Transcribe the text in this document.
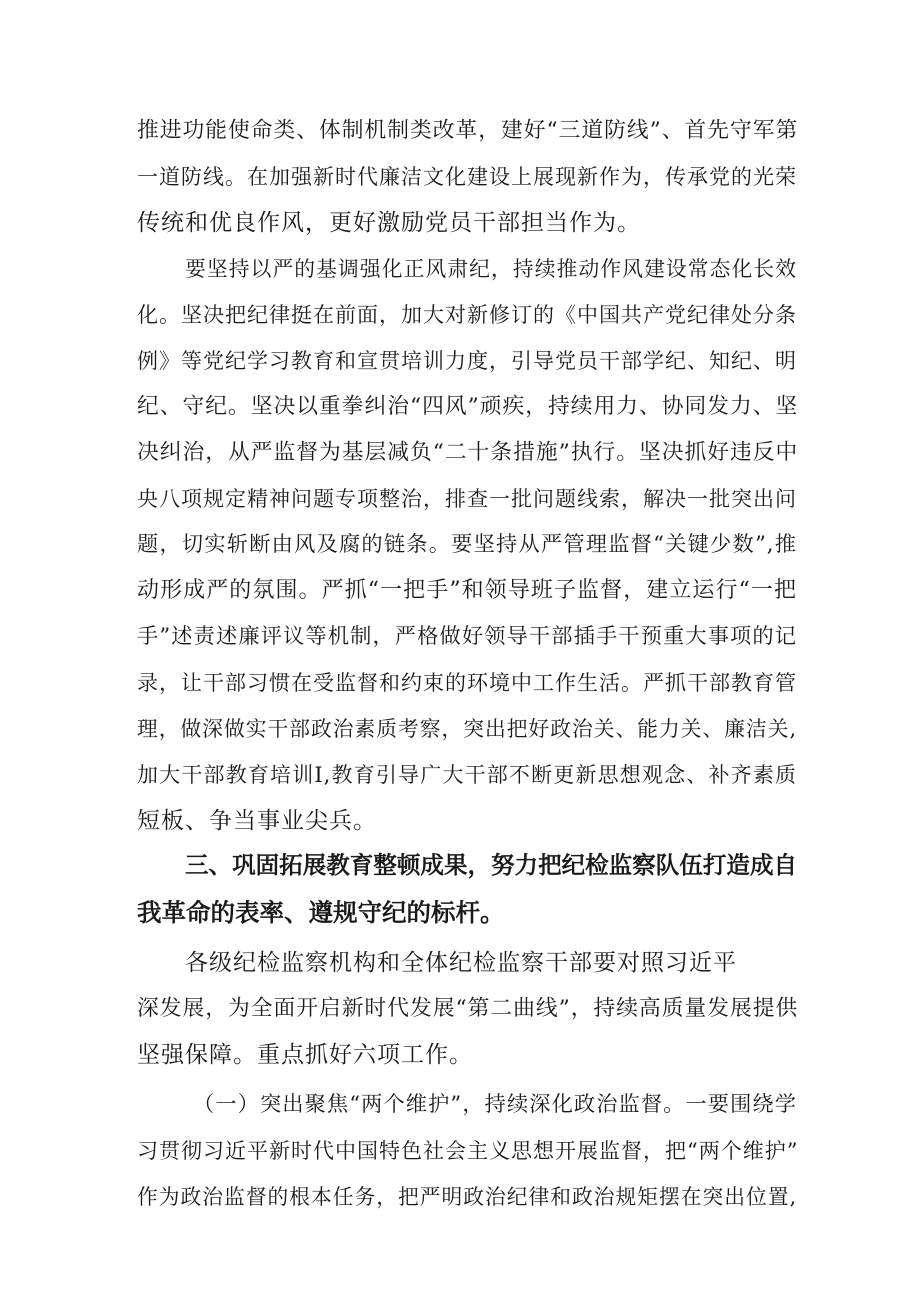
推进功能使命类、体制机制类改革，建好“三道防线”、首先守军第
一道防线。在加强新时代廉洁文化建设上展现新作为，传承党的光荣
传统和优良作风，更好激励党员干部担当作为。
要坚持以严的基调强化正风肃纪，持续推动作风建设常态化长效
化。坚决把纪律挺在前面，加大对新修订的《中国共产党纪律处分条
例》等党纪学习教育和宣贯培训力度，引导党员干部学纪、知纪、明
纪、守纪。坚决以重拳纠治“四风”顽疾，持续用力、协同发力、坚
决纠治，从严监督为基层减负“二十条措施”执行。坚决抓好违反中
央八项规定精神问题专项整治，排查一批问题线索，解决一批突出问
题，切实斩断由风及腐的链条。要坚持从严管理监督“关键少数”,推
动形成严的氛围。严抓“一把手”和领导班子监督，建立运行“一把
手”述责述廉评议等机制，严格做好领导干部插手干预重大事项的记
录，让干部习惯在受监督和约束的环境中工作生活。严抓干部教育管
理，做深做实干部政治素质考察，突出把好政治关、能力关、廉洁关,
加大干部教育培训I,教育引导广大干部不断更新思想观念、补齐素质
短板、争当事业尖兵。
三、巩固拓展教育整顿成果，努力把纪检监察队伍打造成自
我革命的表率、遵规守纪的标杆。
各级纪检监察机构和全体纪检监察干部要对照习近平
深发展，为全面开启新时代发展“第二曲线”，持续高质量发展提供
坚强保障。重点抓好六项工作。
（一）突出聚焦“两个维护”，持续深化政治监督。一要围绕学
习贯彻习近平新时代中国特色社会主义思想开展监督，把“两个维护”
作为政治监督的根本任务，把严明政治纪律和政治规矩摆在突出位置,
